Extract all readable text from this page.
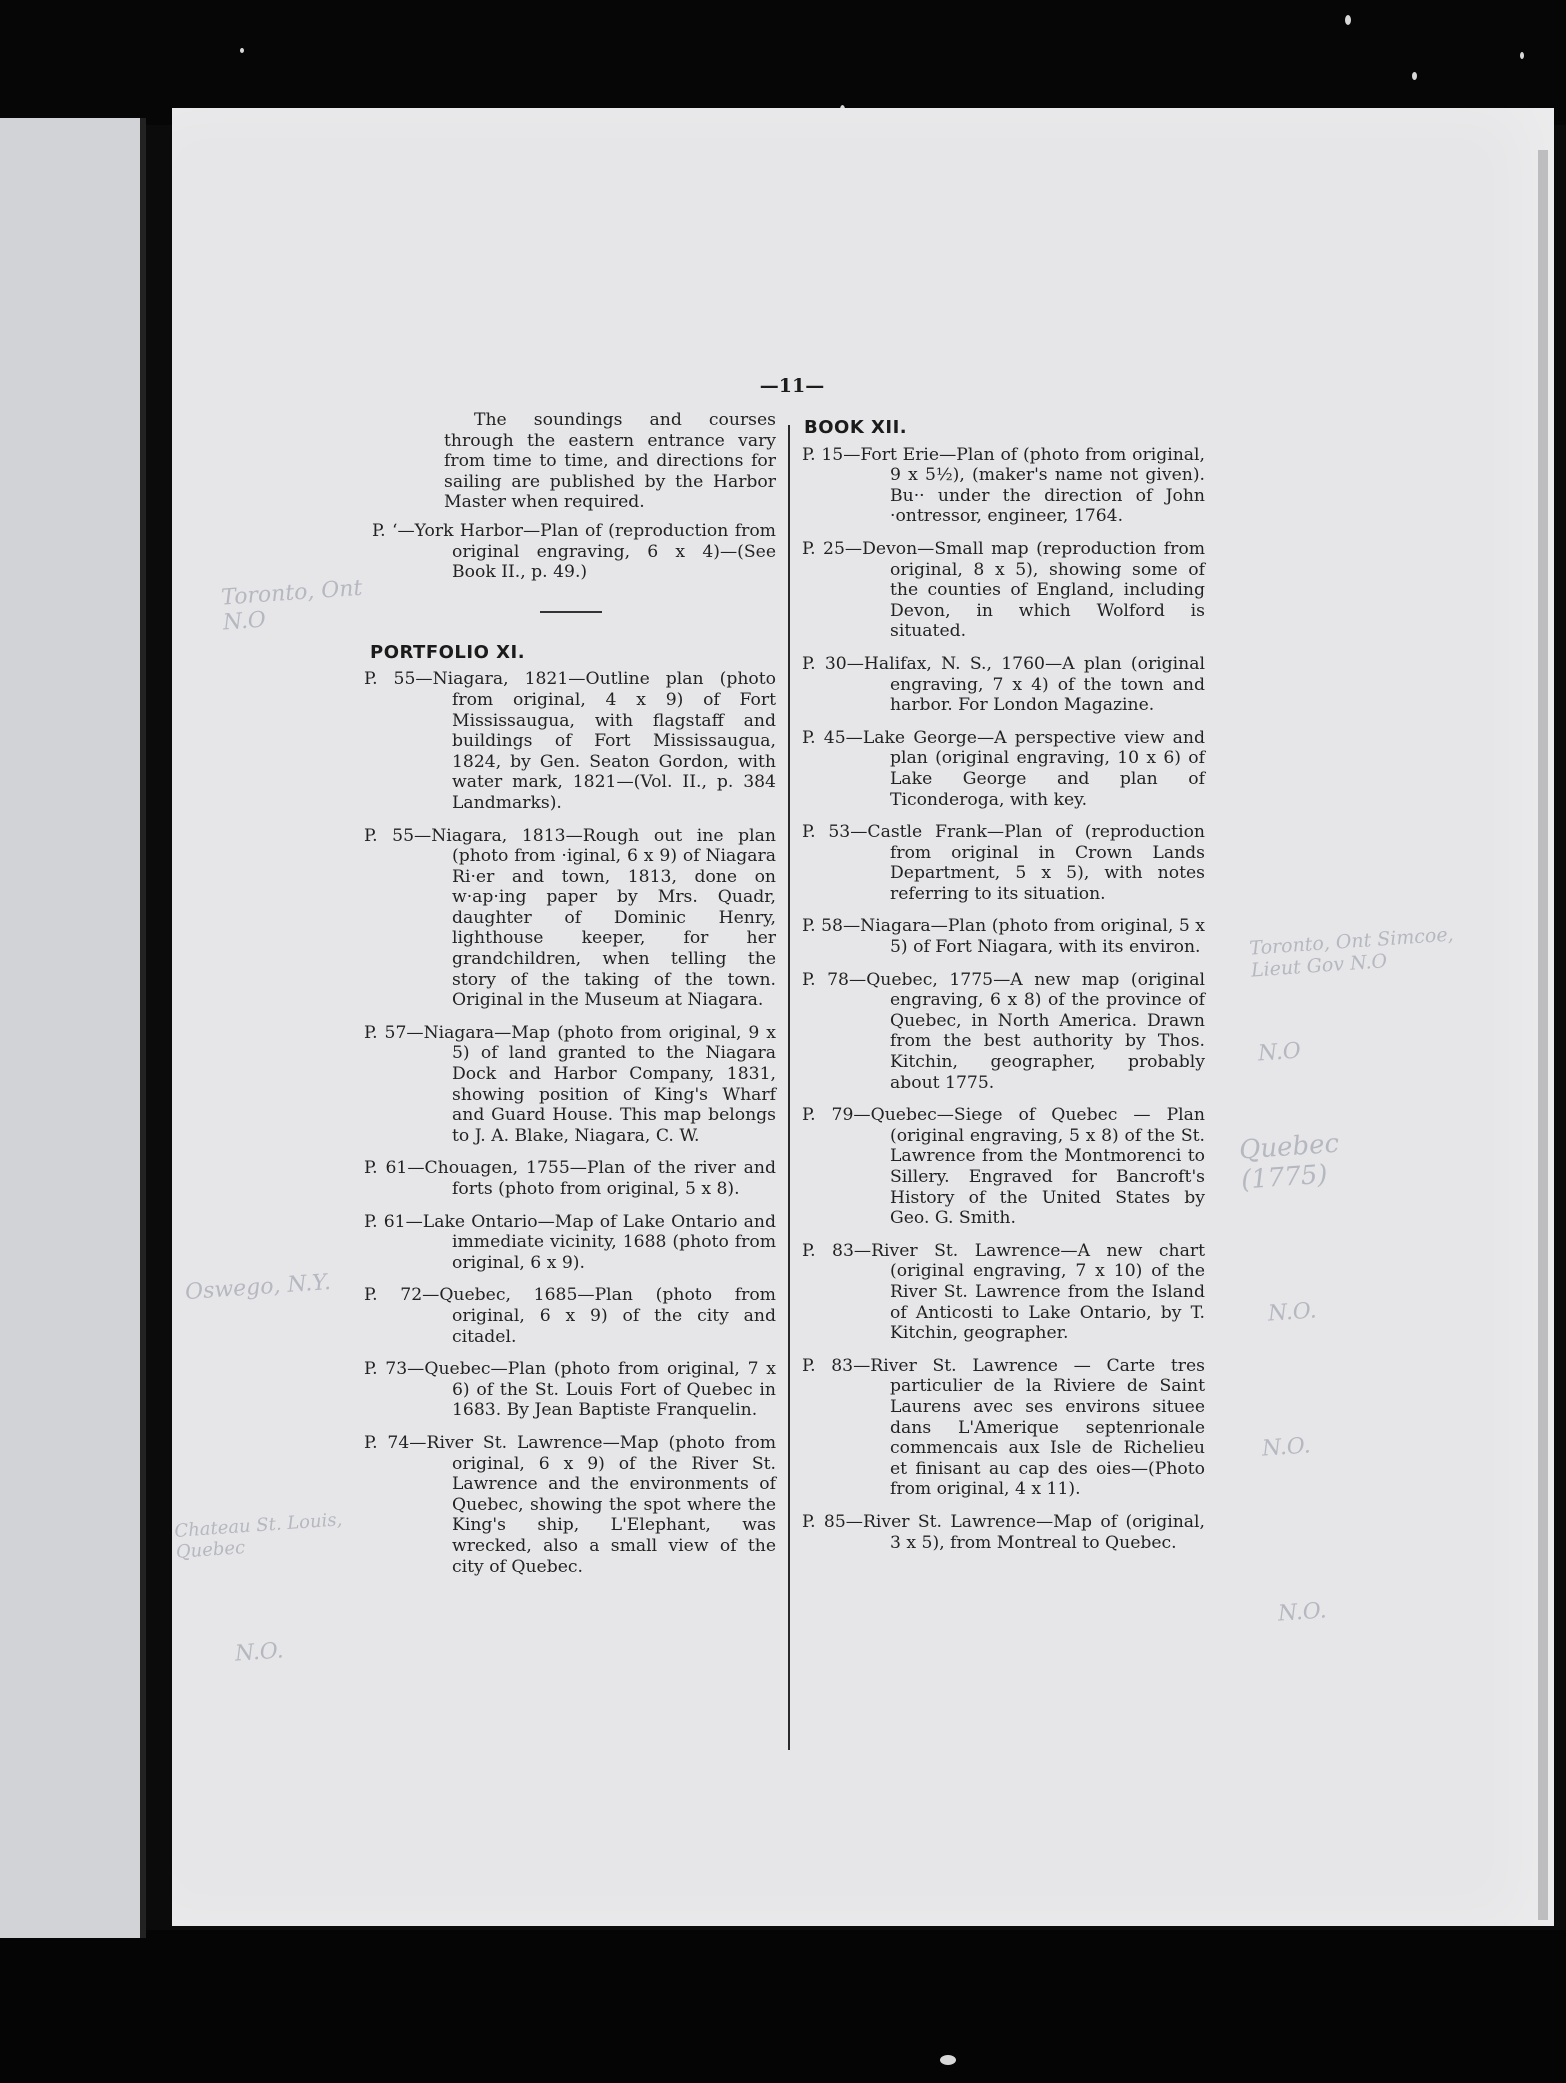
—11—

The soundings and courses through the eastern entrance vary from time to time, and directions for sailing are published by the Harbor Master when required.

P. ‘—York Harbor—Plan of (reproduction from original engraving, 6 x 4)—(See Book II., p. 49.)

PORTFOLIO XI.

P. 55—Niagara, 1821—Outline plan (photo from original, 4 x 9) of Fort Mississaugua, with flagstaff and buildings of Fort Mississaugua, 1824, by Gen. Seaton Gordon, with water mark, 1821—(Vol. II., p. 384 Landmarks).

P. 55—Niagara, 1813—Rough out ine plan (photo from ·iginal, 6 x 9) of Niagara Ri·er and town, 1813, done on w·ap·ing paper by Mrs. Quadr, daughter of Dominic Henry, lighthouse keeper, for her grandchildren, when telling the story of the taking of the town. Original in the Museum at Niagara.

P. 57—Niagara—Map (photo from original, 9 x 5) of land granted to the Niagara Dock and Harbor Company, 1831, showing position of King's Wharf and Guard House. This map belongs to J. A. Blake, Niagara, C. W.

P. 61—Chouagen, 1755—Plan of the river and forts (photo from original, 5 x 8).

P. 61—Lake Ontario—Map of Lake Ontario and immediate vicinity, 1688 (photo from original, 6 x 9).

P. 72—Quebec, 1685—Plan (photo from original, 6 x 9) of the city and citadel.

P. 73—Quebec—Plan (photo from original, 7 x 6) of the St. Louis Fort of Quebec in 1683. By Jean Baptiste Franquelin.

P. 74—River St. Lawrence—Map (photo from original, 6 x 9) of the River St. Lawrence and the environments of Quebec, showing the spot where the King's ship, L'Elephant, was wrecked, also a small view of the city of Quebec.

BOOK XII.

P. 15—Fort Erie—Plan of (photo from original, 9 x 5½), (maker's name not given). Bu·· under the direction of John ·ontressor, engineer, 1764.

P. 25—Devon—Small map (reproduction from original, 8 x 5), showing some of the counties of England, including Devon, in which Wolford is situated.

P. 30—Halifax, N. S., 1760—A plan (original engraving, 7 x 4) of the town and harbor. For London Magazine.

P. 45—Lake George—A perspective view and plan (original engraving, 10 x 6) of Lake George and plan of Ticonderoga, with key.

P. 53—Castle Frank—Plan of (reproduction from original in Crown Lands Department, 5 x 5), with notes referring to its situation.

P. 58—Niagara—Plan (photo from original, 5 x 5) of Fort Niagara, with its environ.

P. 78—Quebec, 1775—A new map (original engraving, 6 x 8) of the province of Quebec, in North America. Drawn from the best authority by Thos. Kitchin, geographer, probably about 1775.

P. 79—Quebec—Siege of Quebec — Plan (original engraving, 5 x 8) of the St. Lawrence from the Montmorenci to Sillery. Engraved for Bancroft's History of the United States by Geo. G. Smith.

P. 83—River St. Lawrence—A new chart (original engraving, 7 x 10) of the River St. Lawrence from the Island of Anticosti to Lake Ontario, by T. Kitchin, geographer.

P. 83—River St. Lawrence — Carte tres particulier de la Riviere de Saint Laurens avec ses environs situee dans L'Amerique septenrionale commencais aux Isle de Richelieu et finisant au cap des oies—(Photo from original, 4 x 11).

P. 85—River St. Lawrence—Map of (original, 3 x 5), from Montreal to Quebec.

Toronto, Ont N.O
Oswego, N.Y.
Chateau St. Louis, Quebec
N.O.
Toronto, Ont Simcoe, Lieut Gov N.O
N.O
Quebec (1775)
N.O.
N.O.
N.O.
